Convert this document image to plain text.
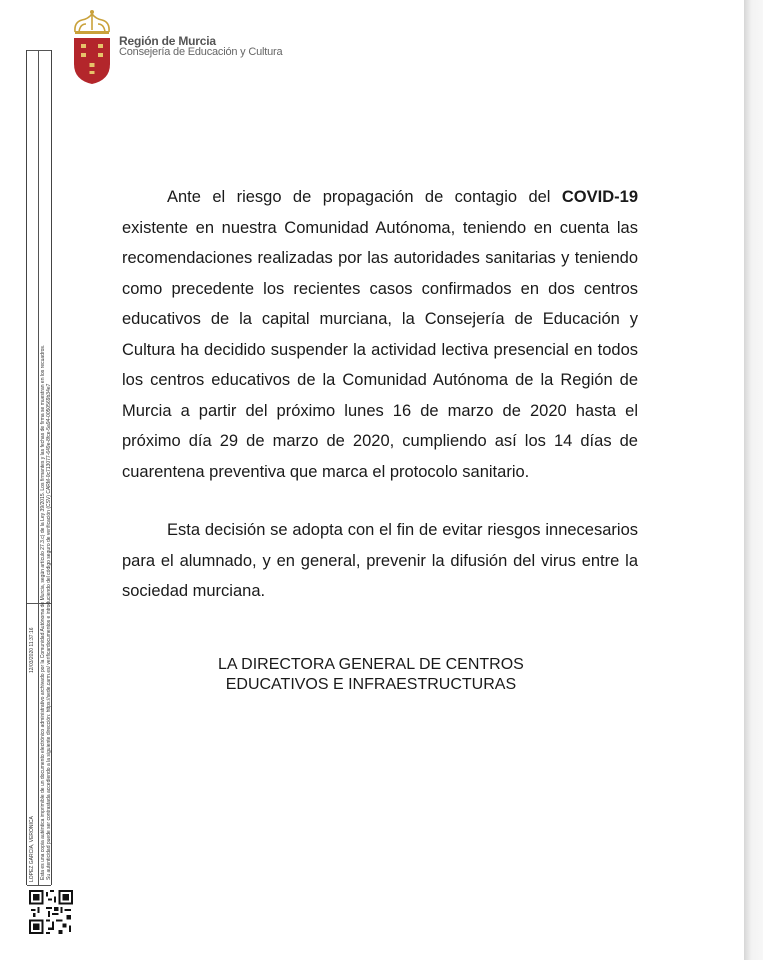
Región de Murcia
Consejería de Educación y Cultura
LOPEZ GARCIA, VERONICA
12/03/2020 11:37:16 Esta es una copia auténtica imprimible de un documento electrónico administrativo archivado por la Comunidad Autónoma de Murcia, según artículo 27.3.c) de la Ley 39/2015. Los firmantes y las fechas de firma se muestran en los recuadros. Su autenticidad puede ser contrastada accediendo a la siguiente dirección: https://sede.carm.es/ verificardocumentos e introduciendo del código seguro de verificación (CSV) CARM-0c713077-649e-8fce-5a94-0050569b34e7

Ante el riesgo de propagación de contagio del COVID-19 existente en nuestra Comunidad Autónoma, teniendo en cuenta las recomendaciones realizadas por las autoridades sanitarias y teniendo como precedente los recientes casos confirmados en dos centros educativos de la capital murciana, la Consejería de Educación y Cultura ha decidido suspender la actividad lectiva presencial en todos los centros educativos de la Comunidad Autónoma de la Región de Murcia a partir del próximo lunes 16 de marzo de 2020 hasta el próximo día 29 de marzo de 2020, cumpliendo así los 14 días de cuarentena preventiva que marca el protocolo sanitario.

Esta decisión se adopta con el fin de evitar riesgos innecesarios para el alumnado, y en general, prevenir la difusión del virus entre la sociedad murciana.

LA DIRECTORA GENERAL DE CENTROS
EDUCATIVOS E INFRAESTRUCTURAS
